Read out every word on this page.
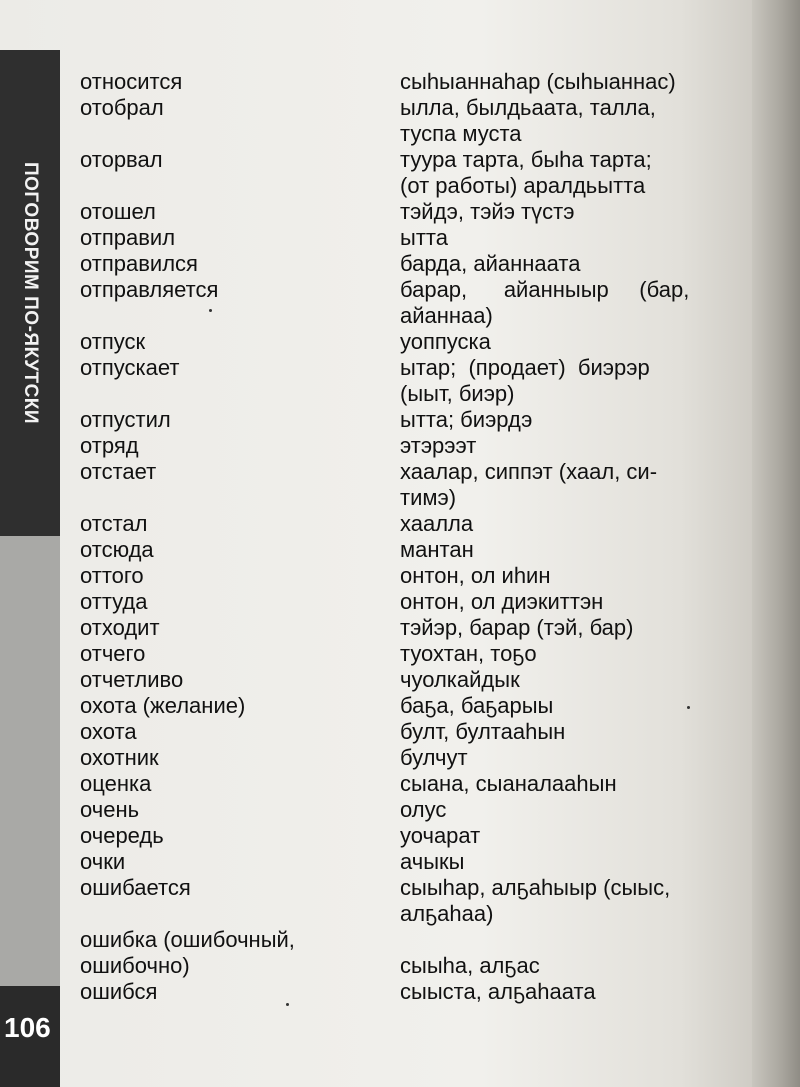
ПОГОВОРИМ ПО-ЯКУТСКИ
106
относится	сыһыаннаһар (сыһыаннас)
отобрал	ылла, былдьаата, талла,
туспа муста
оторвал	туура тарта, быһа тарта;
(от работы) аралдьытта
отошел	тэйдэ, тэйэ түстэ
отправил	ытта
отправился	барда, айаннаата
отправляется	барар,      айанныыр     (бар,
айаннаа)
отпуск	уоппуска
отпускает	ытар;  (продает)  биэрэр
(ыыт, биэр)
отпустил	ытта; биэрдэ
отряд	этэрээт
отстает	хаалар, сиппэт (хаал, си-
тимэ)
отстал	хаалла
отсюда	мантан
оттого	онтон, ол иһин
оттуда	онтон, ол диэкиттэн
отходит	тэйэр, барар (тэй, бар)
отчего	туохтан, тоҕо
отчетливо	чуолкайдык
охота (желание)	баҕа, баҕарыы
охота	булт, бултааһын
охотник	булчут
оценка	сыана, сыаналааһын
очень	олус
очередь	уочарат
очки	ачыкы
ошибается	сыыһар, алҕаһыыр (сыыс,
алҕаһаа)
ошибка (ошибочный,
ошибочно)	сыыһа, алҕас
ошибся	сыыста, алҕаһаата
